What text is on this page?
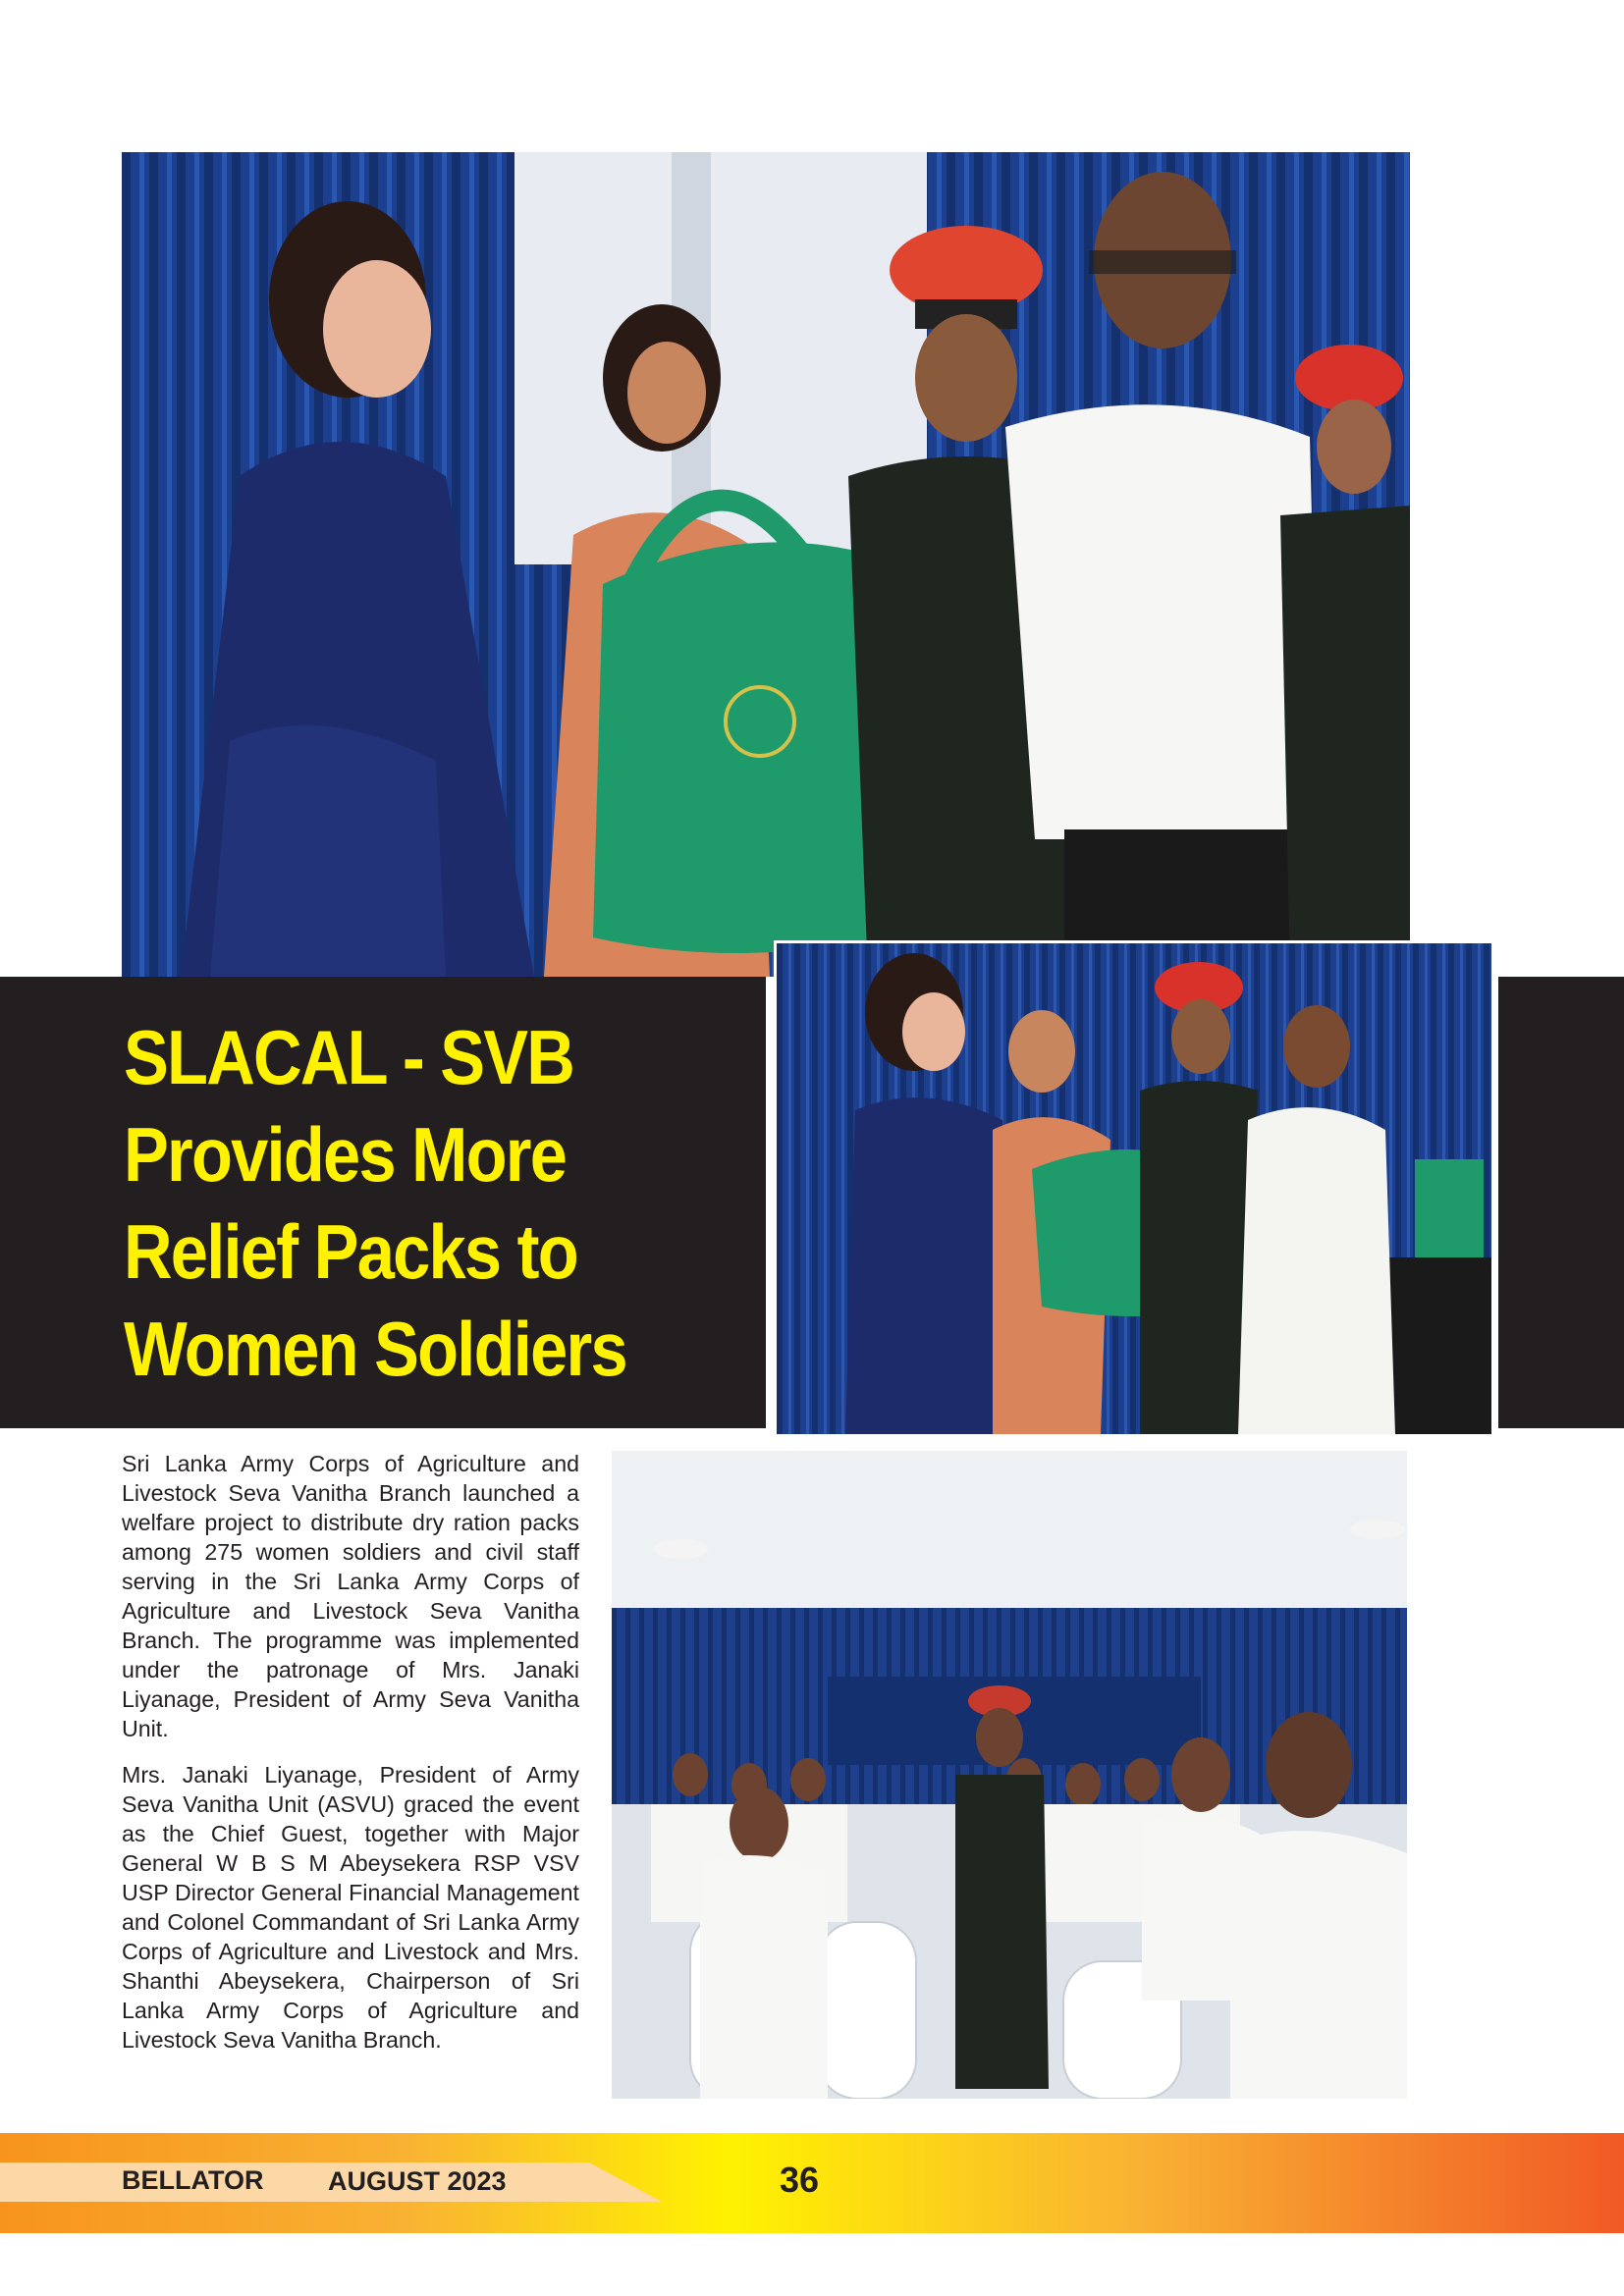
SLACAL - SVB
Provides More
Relief Packs to
Women Soldiers

Sri Lanka Army Corps of Agriculture and Livestock Seva Vanitha Branch launched a welfare project to distribute dry ration packs among 275 women soldiers and civil staff serving in the Sri Lanka Army Corps of Agriculture and Livestock Seva Vanitha Branch. The programme was implemented under the patronage of Mrs. Janaki Liyanage, President of Army Seva Vanitha Unit.

Mrs. Janaki Liyanage, President of Army Seva Vanitha Unit (ASVU) graced the event as the Chief Guest, together with Major General W B S M Abeysekera RSP VSV USP Director General Financial Management and Colonel Commandant of Sri Lanka Army Corps of Agriculture and Livestock and Mrs. Shanthi Abeysekera, Chairperson of Sri Lanka Army Corps of Agriculture and Livestock Seva Vanitha Branch.

BELLATOR AUGUST 2023	36
